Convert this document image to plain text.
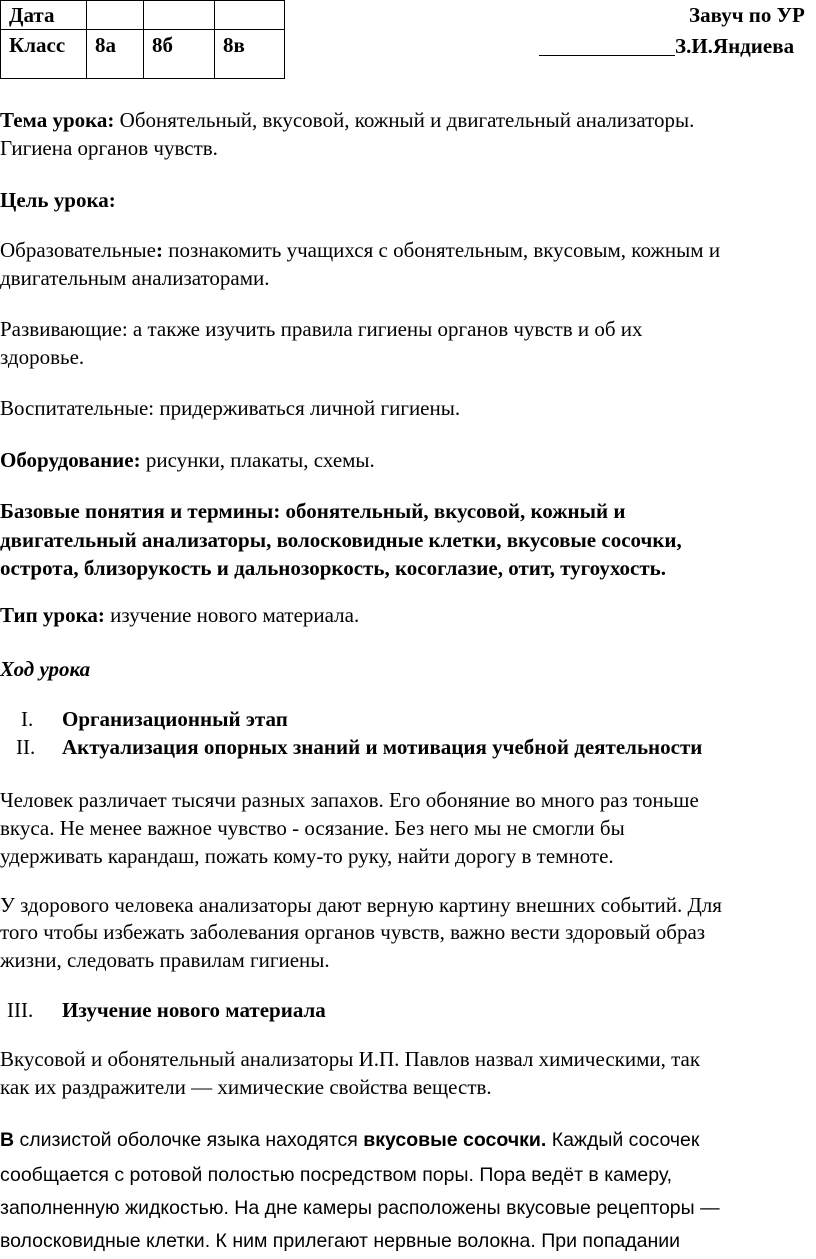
Дата			
Класс	8а	8б	8в
Завуч по УР
З.И.Яндиева
Тема урока: Обонятельный, вкусовой, кожный и двигательный анализаторы.
Гигиена органов чувств.
Цель урока:
Образовательные: познакомить учащихся с обонятельным, вкусовым, кожным и
двигательным анализаторами.
Развивающие: а также изучить правила гигиены органов чувств и об их
здоровье.
Воспитательные: придерживаться личной гигиены.
Оборудование: рисунки, плакаты, схемы.
Базовые понятия и термины: обонятельный, вкусовой, кожный и
двигательный анализаторы, волосковидные клетки, вкусовые сосочки,
острота, близорукость и дальнозоркость, косоглазие, отит, тугоухость.
Тип урока: изучение нового материала.
Ход урока
I. Организационный этап
II. Актуализация опорных знаний и мотивация учебной деятельности
Человек различает тысячи разных запахов. Его обоняние во много раз тоньше
вкуса. Не менее важное чувство - осязание. Без него мы не смогли бы
удерживать карандаш, пожать кому-то руку, найти дорогу в темноте.
У здорового человека анализаторы дают верную картину внешних событий. Для
того чтобы избежать заболевания органов чувств, важно вести здоровый образ
жизни, следовать правилам гигиены.
III. Изучение нового материала
Вкусовой и обонятельный анализаторы И.П. Павлов назвал химическими, так
как их раздражители — химические свойства веществ.
В слизистой оболочке языка находятся вкусовые сосочки. Каждый сосочек
сообщается с ротовой полостью посредством поры. Пора ведёт в камеру,
заполненную жидкостью. На дне камеры расположены вкусовые рецепторы —
волосковидные клетки. К ним прилегают нервные волокна. При попадании
